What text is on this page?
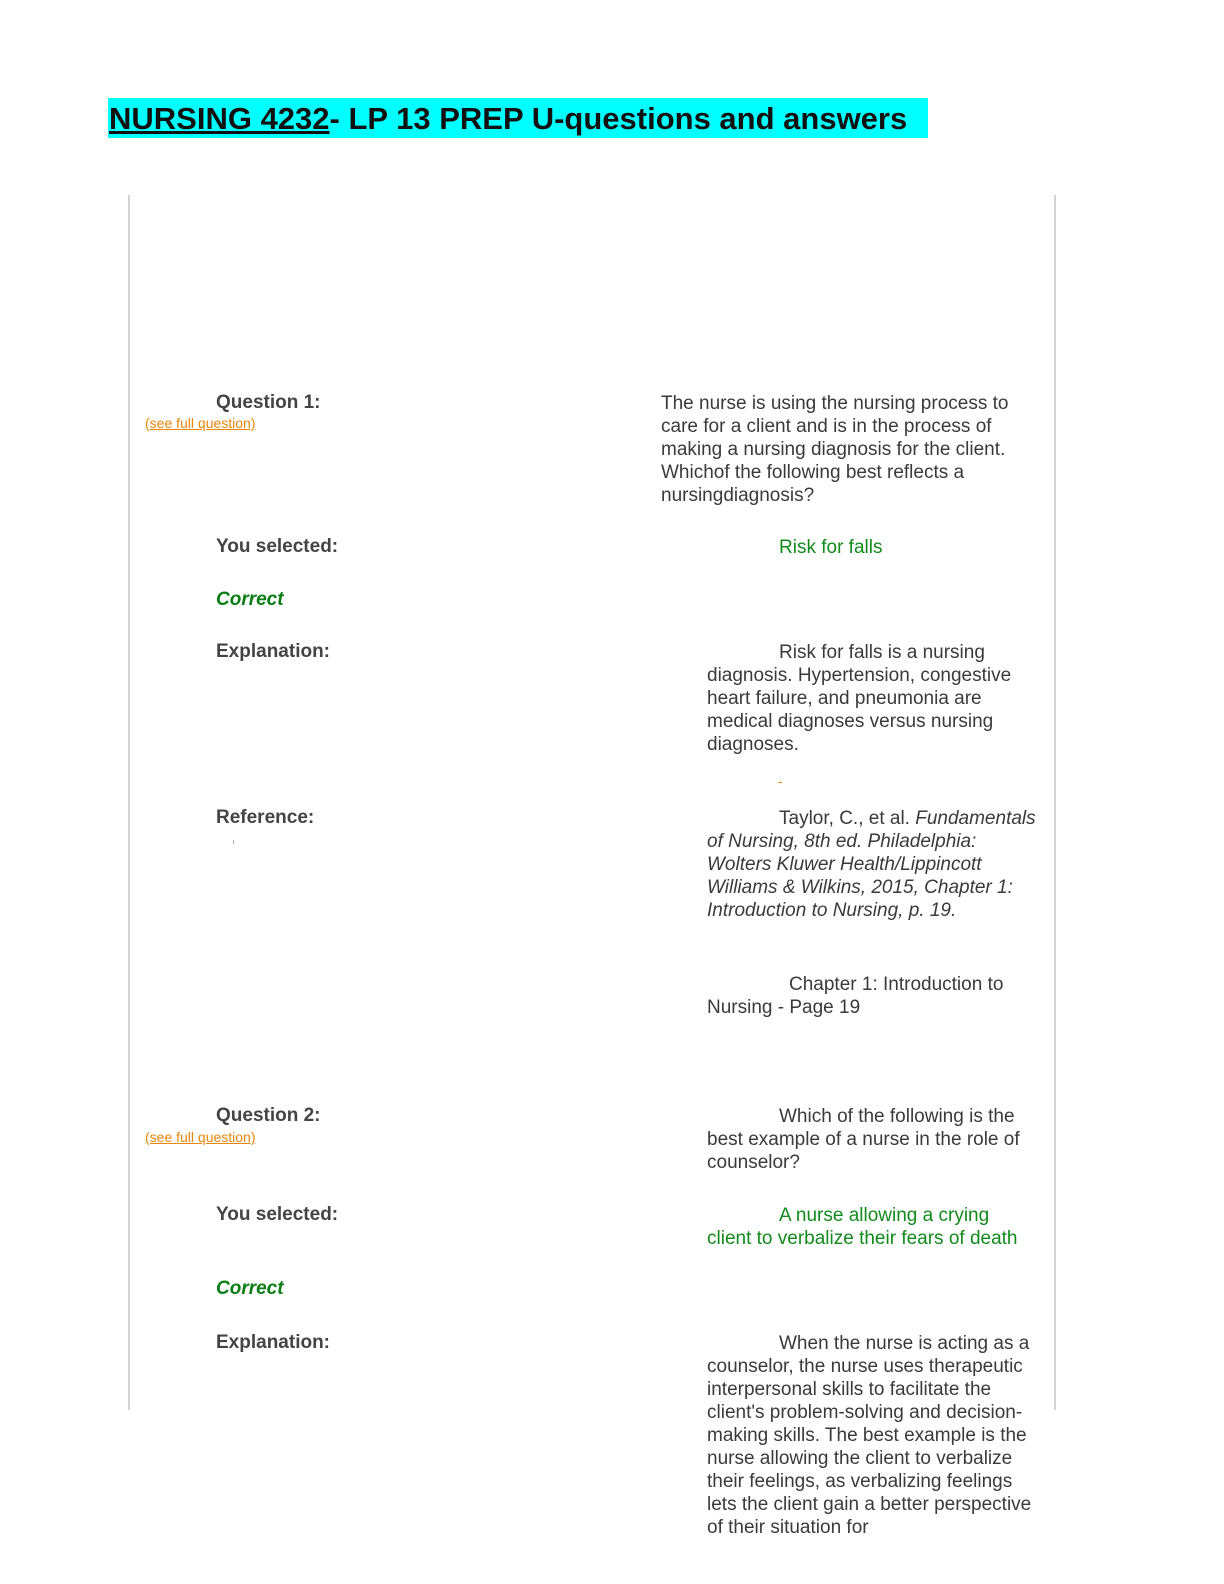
NURSING 4232- LP 13 PREP U-questions and answers
Question 1:
(see full question)
The nurse is using the nursing process to care for a client and is in the process of making a nursing diagnosis for the client. Whichof the following best reflects a nursingdiagnosis?
You selected:	Risk for falls
Correct
Explanation:	Risk for falls is a nursing diagnosis. Hypertension, congestive heart failure, and pneumonia are medical diagnoses versus nursing diagnoses.
-
Reference:	Taylor, C., et al. Fundamentals of Nursing, 8th ed. Philadelphia: Wolters Kluwer Health/Lippincott Williams & Wilkins, 2015, Chapter 1: Introduction to Nursing, p. 19.
Chapter 1: Introduction to Nursing - Page 19
Question 2:
(see full question)
Which of the following is the best example of a nurse in the role of counselor?
You selected:	A nurse allowing a crying client to verbalize their fears of death
Correct
Explanation:	When the nurse is acting as a counselor, the nurse uses therapeutic interpersonal skills to facilitate the client's problem-solving and decision-making skills. The best example is the nurse allowing the client to verbalize their feelings, as verbalizing feelings lets the client gain a better perspective of their situation for
